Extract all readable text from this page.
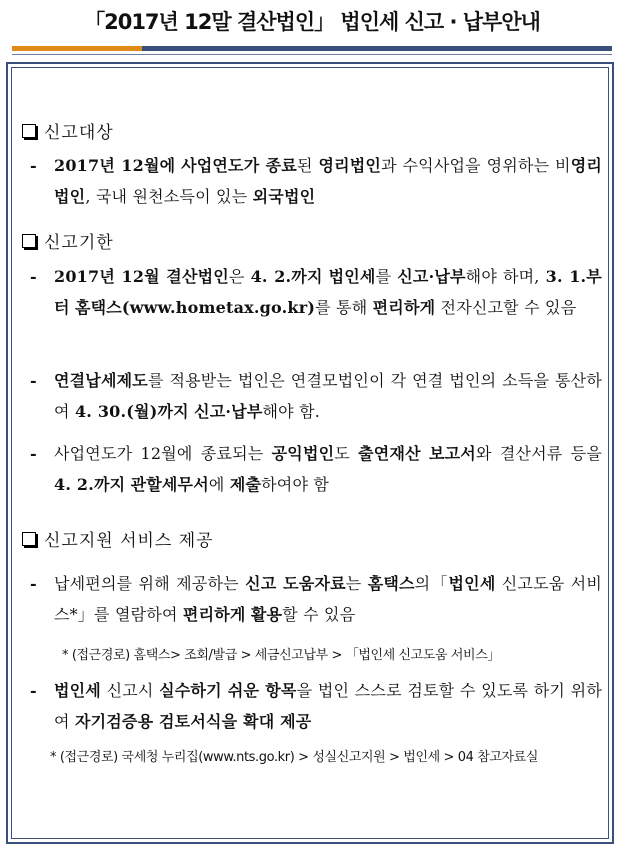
「2017년 12말 결산법인」 법인세 신고 · 납부안내
신고대상
- 2017년 12월에 사업연도가 종료된 영리법인과 수익사업을 영위하는 비영리법인, 국내 원천소득이 있는 외국법인
신고기한
- 2017년 12월 결산법인은 4. 2.까지 법인세를 신고·납부해야 하며, 3. 1.부터 홈택스(www.hometax.go.kr)를 통해 편리하게 전자신고할 수 있음
- 연결납세제도를 적용받는 법인은 연결모법인이 각 연결 법인의 소득을 통산하여 4. 30.(월)까지 신고·납부해야 함.
- 사업연도가 12월에 종료되는 공익법인도 출연재산 보고서와 결산서류 등을 4. 2.까지 관할세무서에 제출하여야 함
신고지원 서비스 제공
- 납세편의를 위해 제공하는 신고 도움자료는 홈택스의「법인세 신고도움 서비스*」를 열람하여 편리하게 활용할 수 있음
* (접근경로) 홈택스> 조회/발급 > 세금신고납부 > 「법인세 신고도움 서비스」
- 법인세 신고시 실수하기 쉬운 항목을 법인 스스로 검토할 수 있도록 하기 위하여 자기검증용 검토서식을 확대 제공
* (접근경로) 국세청 누리집(www.nts.go.kr) > 성실신고지원 > 법인세 > 04 참고자료실
